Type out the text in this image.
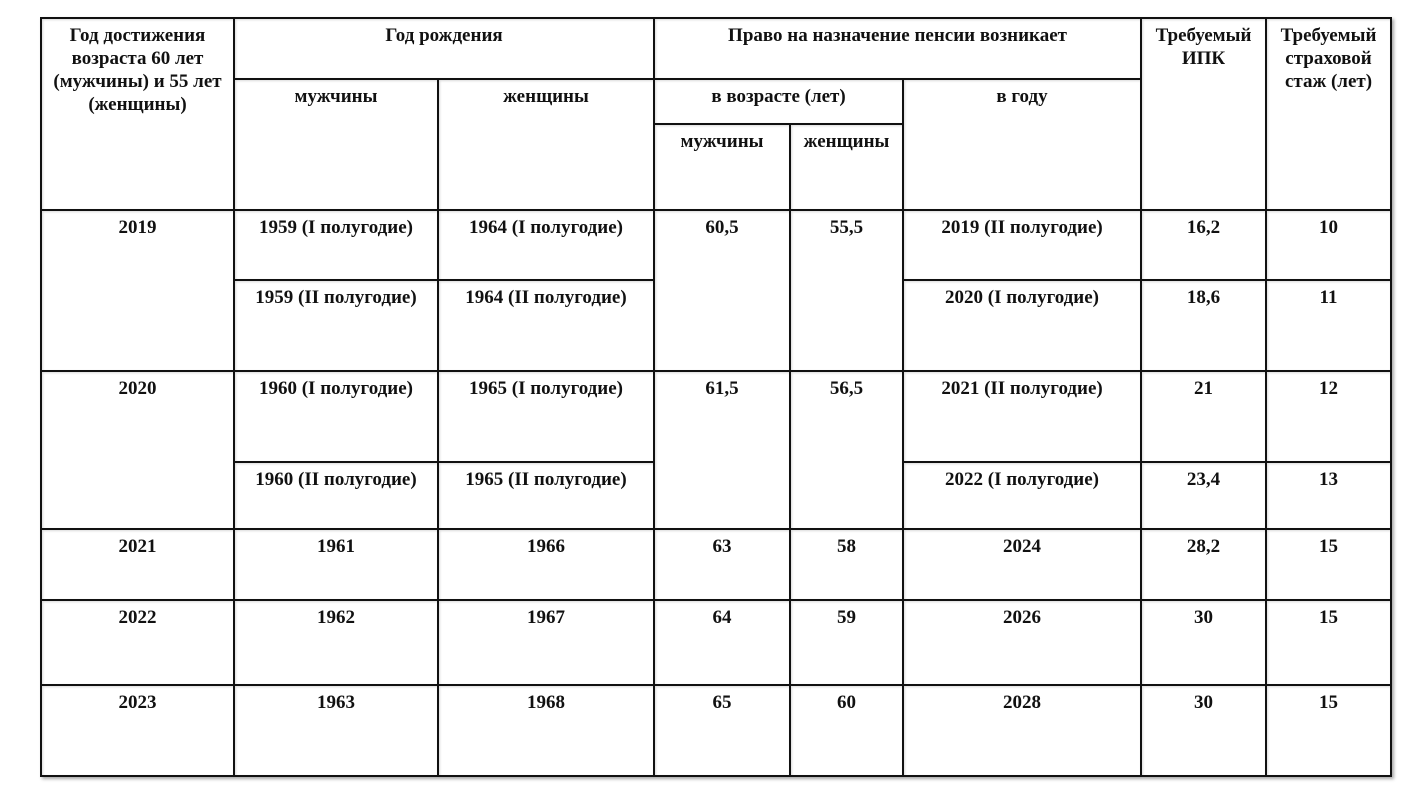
Год достижения возраста 60 лет (мужчины) и 55 лет (женщины)	Год рождения		Право на назначение пенсии возникает			Требуемый ИПК	Требуемый страховой стаж (лет)
	мужчины	женщины	в возрасте (лет)		в году		
			мужчины	женщины			
2019	1959 (I полугодие)	1964 (I полугодие)	60,5	55,5	2019 (II полугодие)	16,2	10
	1959 (II полугодие)	1964 (II полугодие)			2020 (I полугодие)	18,6	11
2020	1960 (I полугодие)	1965 (I полугодие)	61,5	56,5	2021 (II полугодие)	21	12
	1960 (II полугодие)	1965 (II полугодие)			2022 (I полугодие)	23,4	13
2021	1961	1966	63	58	2024	28,2	15
2022	1962	1967	64	59	2026	30	15
2023	1963	1968	65	60	2028	30	15
